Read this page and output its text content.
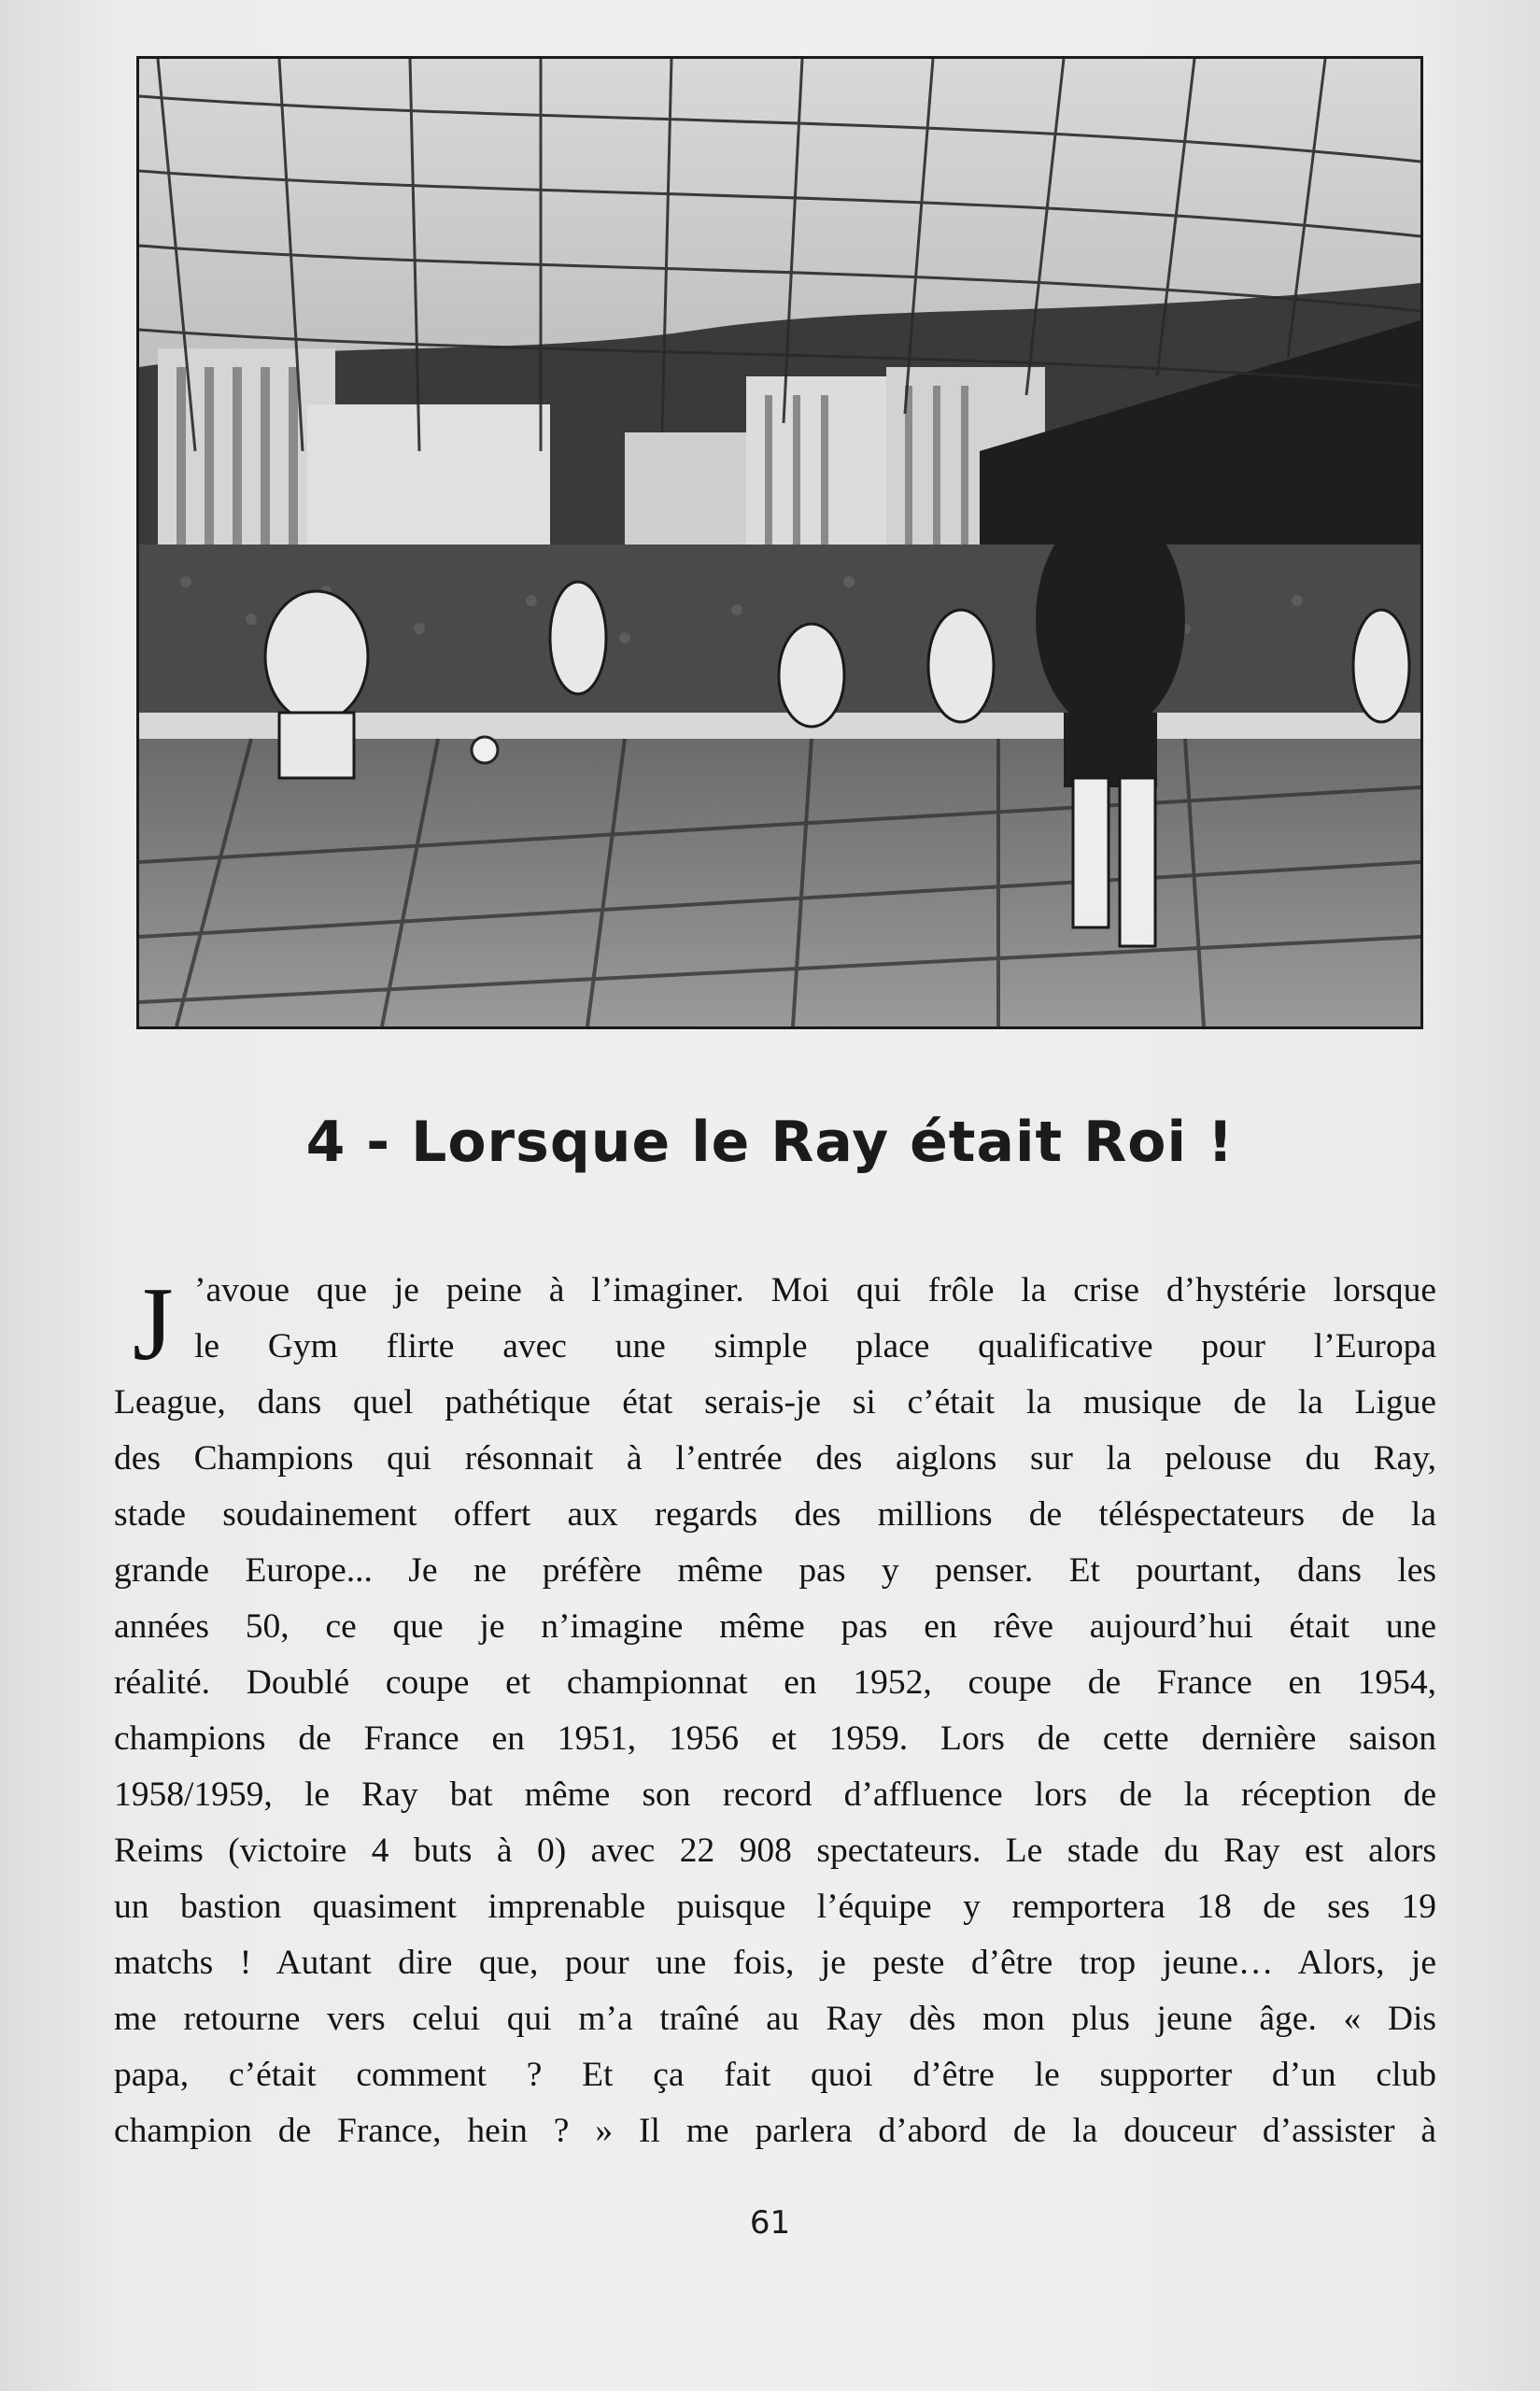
4 - Lorsque le Ray était Roi !
J ’avoue que je peine à l’imaginer. Moi qui frôle la crise d’hystérie lorsque
le Gym flirte avec une simple place qualificative pour l’Europa
League, dans quel pathétique état serais-je si c’était la musique de la Ligue
des Champions qui résonnait à l’entrée des aiglons sur la pelouse du Ray,
stade soudainement offert aux regards des millions de téléspectateurs de la
grande Europe... Je ne préfère même pas y penser. Et pourtant, dans les
années 50, ce que je n’imagine même pas en rêve aujourd’hui était une
réalité. Doublé coupe et championnat en 1952, coupe de France en 1954,
champions de France en 1951, 1956 et 1959. Lors de cette dernière saison
1958/1959, le Ray bat même son record d’affluence lors de la réception de
Reims (victoire 4 buts à 0) avec 22 908 spectateurs. Le stade du Ray est alors
un bastion quasiment imprenable puisque l’équipe y remportera 18 de ses 19
matchs ! Autant dire que, pour une fois, je peste d’être trop jeune… Alors, je
me retourne vers celui qui m’a traîné au Ray dès mon plus jeune âge. « Dis
papa, c’était comment ? Et ça fait quoi d’être le supporter d’un club
champion de France, hein ? » Il me parlera d’abord de la douceur d’assister à
61
